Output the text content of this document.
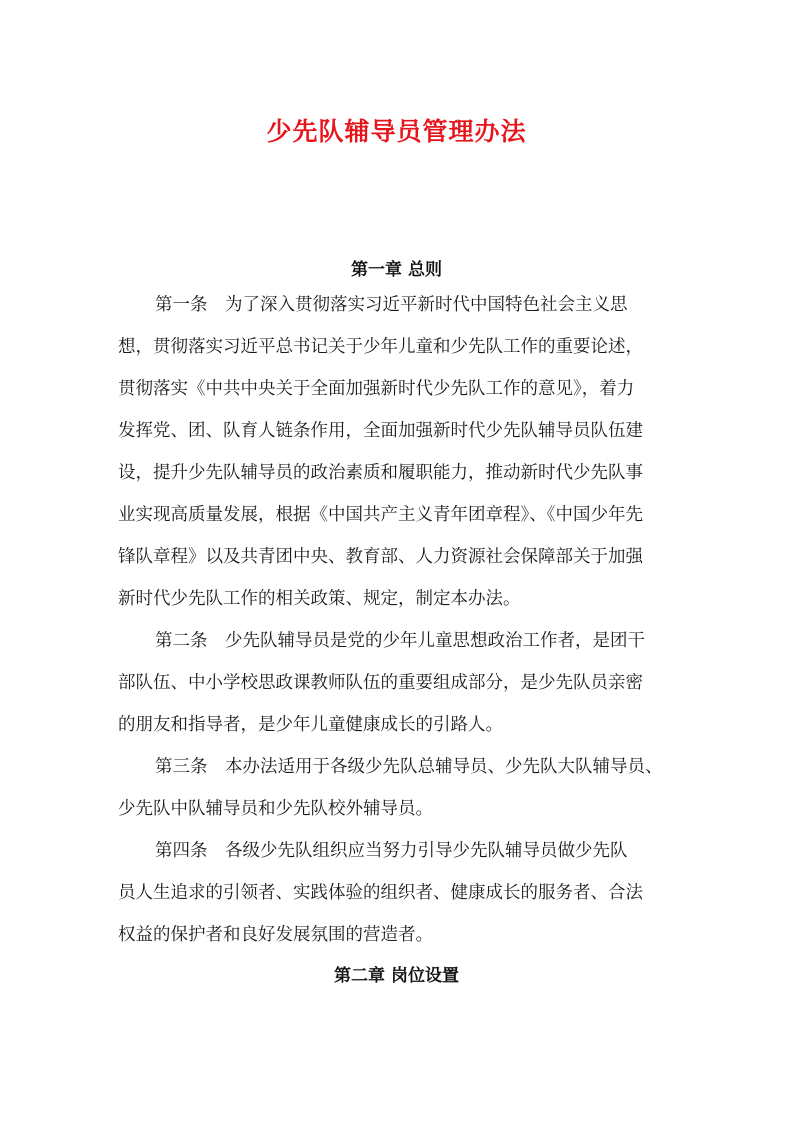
少先队辅导员管理办法
第一章 总则
第一条　为了深入贯彻落实习近平新时代中国特色社会主义思
想，贯彻落实习近平总书记关于少年儿童和少先队工作的重要论述，
贯彻落实《中共中央关于全面加强新时代少先队工作的意见》，着力
发挥党、团、队育人链条作用，全面加强新时代少先队辅导员队伍建
设，提升少先队辅导员的政治素质和履职能力，推动新时代少先队事
业实现高质量发展，根据《中国共产主义青年团章程》、《中国少年先
锋队章程》以及共青团中央、教育部、人力资源社会保障部关于加强
新时代少先队工作的相关政策、规定，制定本办法。
第二条　少先队辅导员是党的少年儿童思想政治工作者，是团干
部队伍、中小学校思政课教师队伍的重要组成部分，是少先队员亲密
的朋友和指导者，是少年儿童健康成长的引路人。
第三条　本办法适用于各级少先队总辅导员、少先队大队辅导员、
少先队中队辅导员和少先队校外辅导员。
第四条　各级少先队组织应当努力引导少先队辅导员做少先队
员人生追求的引领者、实践体验的组织者、健康成长的服务者、合法
权益的保护者和良好发展氛围的营造者。
第二章 岗位设置
